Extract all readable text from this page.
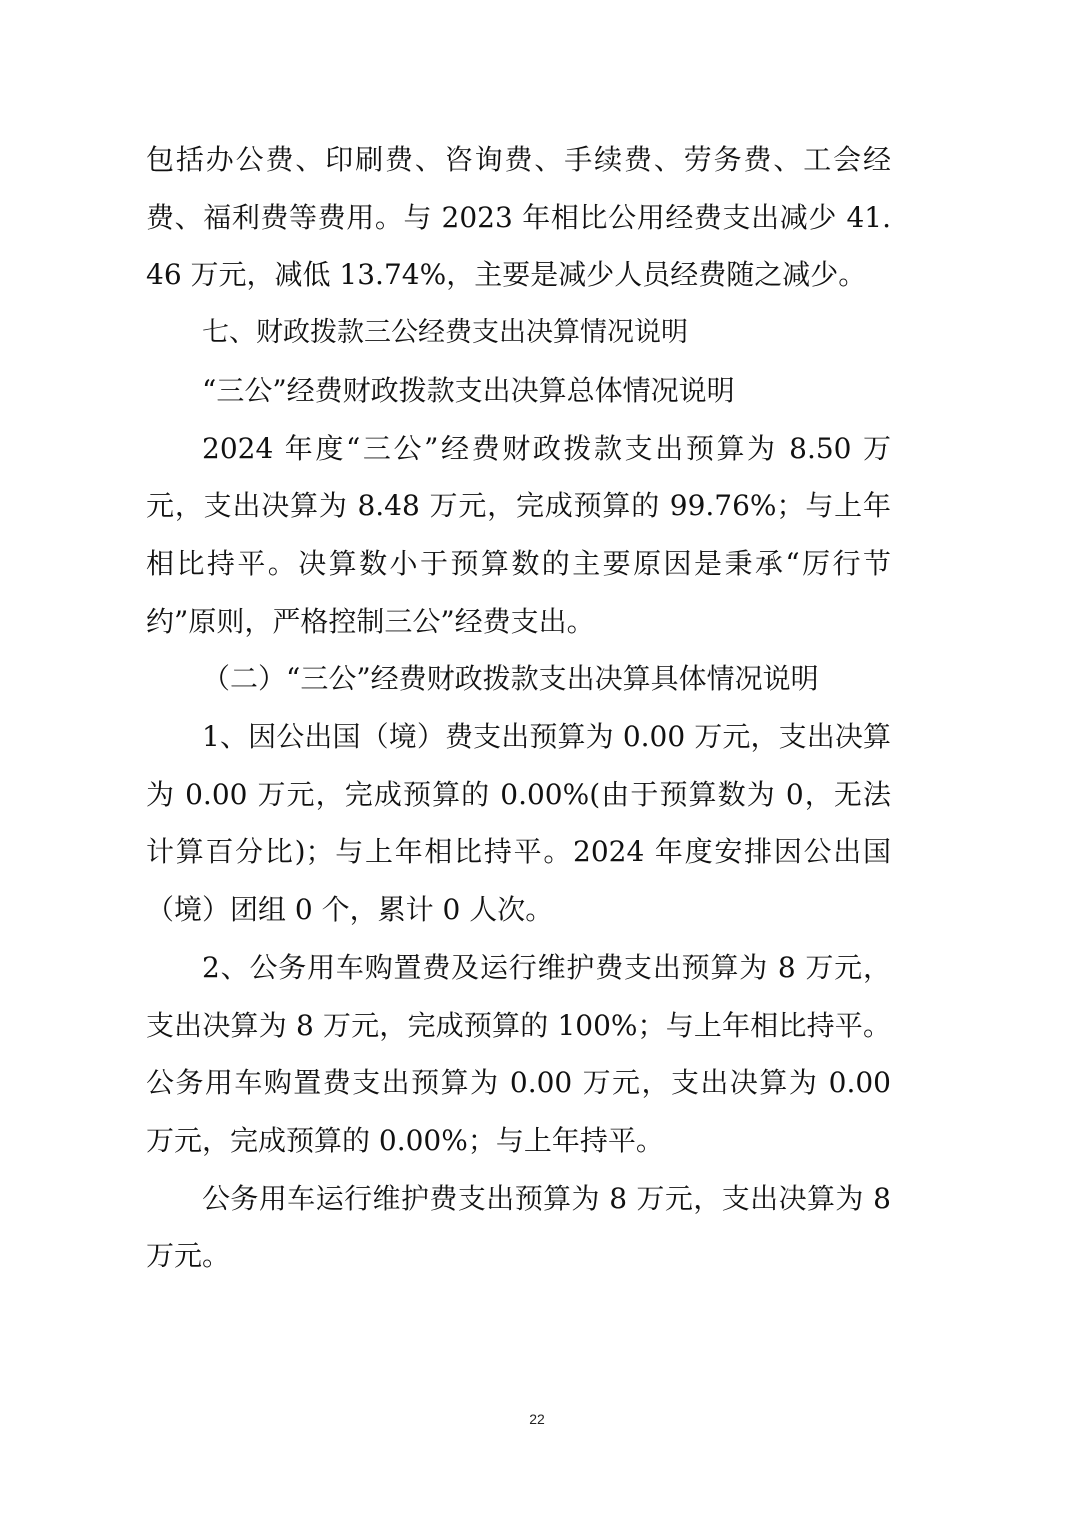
包括办公费、印刷费、咨询费、手续费、劳务费、工会经费、福利费等费用。与 2023 年相比公用经费支出减少 41.46 万元，减低 13.74%，主要是减少人员经费随之减少。

七、财政拨款三公经费支出决算情况说明

“三公”经费财政拨款支出决算总体情况说明

2024 年度“三公”经费财政拨款支出预算为 8.50 万元，支出决算为 8.48 万元，完成预算的 99.76%；与上年相比持平。决算数小于预算数的主要原因是秉承“厉行节约”原则，严格控制三公”经费支出。

（二）“三公”经费财政拨款支出决算具体情况说明

1、因公出国（境）费支出预算为 0.00 万元，支出决算为 0.00 万元，完成预算的 0.00%(由于预算数为 0，无法计算百分比)；与上年相比持平。2024 年度安排因公出国（境）团组 0 个，累计 0 人次。

2、公务用车购置费及运行维护费支出预算为 8 万元，支出决算为 8 万元，完成预算的 100%；与上年相比持平。公务用车购置费支出预算为 0.00 万元，支出决算为 0.00 万元，完成预算的 0.00%；与上年持平。

公务用车运行维护费支出预算为 8 万元，支出决算为 8 万元。

22
